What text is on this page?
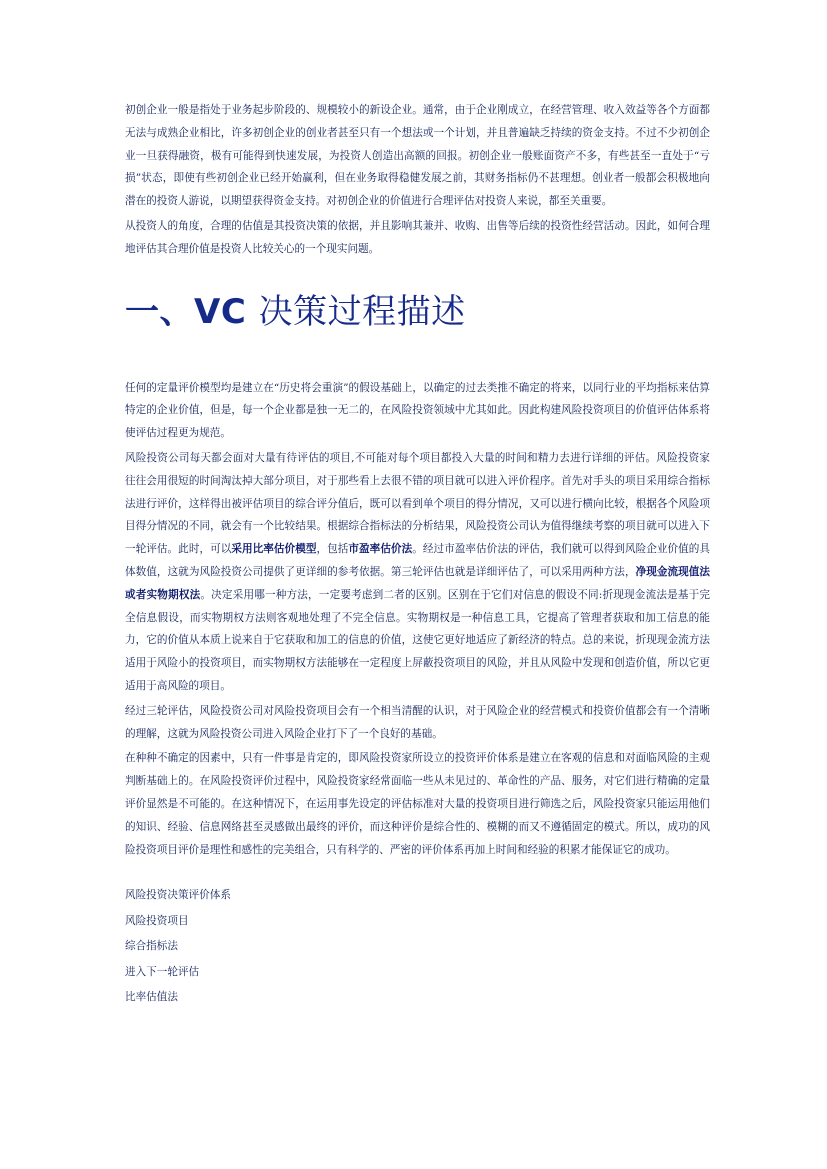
初创企业一般是指处于业务起步阶段的、规模较小的新设企业。通常，由于企业刚成立，在经营管理、收入效益等各个方面都无法与成熟企业相比，许多初创企业的创业者甚至只有一个想法或一个计划，并且普遍缺乏持续的资金支持。不过不少初创企业一旦获得融资，极有可能得到快速发展，为投资人创造出高额的回报。初创企业一般账面资产不多，有些甚至一直处于“亏损”状态，即使有些初创企业已经开始赢利，但在业务取得稳健发展之前，其财务指标仍不甚理想。创业者一般都会积极地向潜在的投资人游说，以期望获得资金支持。对初创企业的价值进行合理评估对投资人来说，都至关重要。

从投资人的角度，合理的估值是其投资决策的依据，并且影响其兼并、收购、出售等后续的投资性经营活动。因此，如何合理地评估其合理价值是投资人比较关心的一个现实问题。

一、VC 决策过程描述

任何的定量评价模型均是建立在“历史将会重演”的假设基础上，以确定的过去类推不确定的将来，以同行业的平均指标来估算特定的企业价值，但是，每一个企业都是独一无二的，在风险投资领域中尤其如此。因此构建风险投资项目的价值评估体系将使评估过程更为规范。

风险投资公司每天都会面对大量有待评估的项目,不可能对每个项目都投入大量的时间和精力去进行详细的评估。风险投资家往往会用很短的时间淘汰掉大部分项目，对于那些看上去很不错的项目就可以进入评价程序。首先对手头的项目采用综合指标法进行评价，这样得出被评估项目的综合评分值后，既可以看到单个项目的得分情况，又可以进行横向比较，根据各个风险项目得分情况的不同，就会有一个比较结果。根据综合指标法的分析结果，风险投资公司认为值得继续考察的项目就可以进入下一轮评估。此时，可以采用比率估价模型，包括市盈率估价法。经过市盈率估价法的评估，我们就可以得到风险企业价值的具体数值，这就为风险投资公司提供了更详细的参考依据。第三轮评估也就是详细评估了，可以采用两种方法，净现金流现值法或者实物期权法。决定采用哪一种方法，一定要考虑到二者的区别。区别在于它们对信息的假设不同:折现现金流法是基于完全信息假设，而实物期权方法则客观地处理了不完全信息。实物期权是一种信息工具，它提高了管理者获取和加工信息的能力，它的价值从本质上说来自于它获取和加工的信息的价值，这使它更好地适应了新经济的特点。总的来说，折现现金流方法适用于风险小的投资项目，而实物期权方法能够在一定程度上屏蔽投资项目的风险，并且从风险中发现和创造价值，所以它更适用于高风险的项目。

经过三轮评估，风险投资公司对风险投资项目会有一个相当清醒的认识，对于风险企业的经营模式和投资价值都会有一个清晰的理解，这就为风险投资公司进入风险企业打下了一个良好的基础。

在种种不确定的因素中，只有一件事是肯定的，即风险投资家所设立的投资评价体系是建立在客观的信息和对面临风险的主观判断基础上的。在风险投资评价过程中，风险投资家经常面临一些从未见过的、革命性的产品、服务，对它们进行精确的定量评价显然是不可能的。在这种情况下，在运用事先设定的评估标准对大量的投资项目进行筛选之后，风险投资家只能运用他们的知识、经验、信息网络甚至灵感做出最终的评价，而这种评价是综合性的、模糊的而又不遵循固定的模式。所以，成功的风险投资项目评价是理性和感性的完美组合，只有科学的、严密的评价体系再加上时间和经验的积累才能保证它的成功。

风险投资决策评价体系
风险投资项目
综合指标法
进入下一轮评估
比率估值法
